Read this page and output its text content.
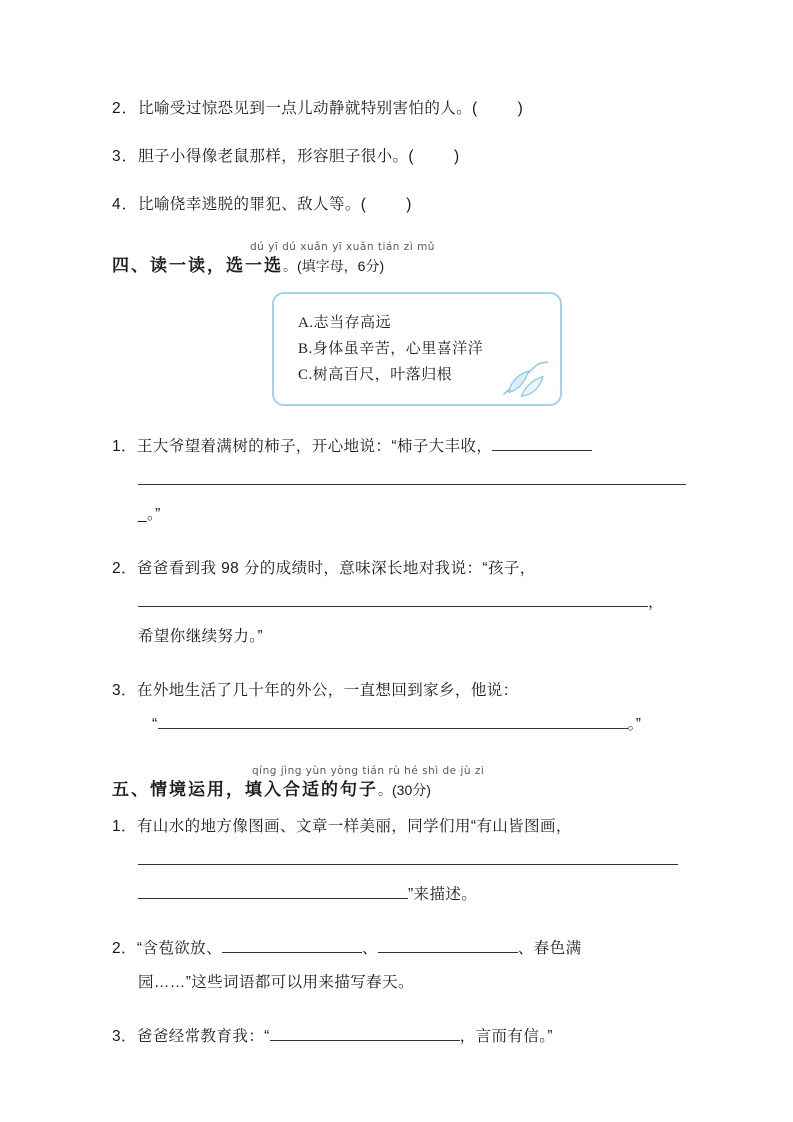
2．比喻受过惊恐见到一点儿动静就特别害怕的人。(	)

3．胆子小得像老鼠那样，形容胆子很小。(	)

4．比喻侥幸逃脱的罪犯、敌人等。(	)

dú yī dú xuǎn yī xuǎn tián zì mǔ
四、读一读，选一选。(填字母，6分)
A.志当存高远
B.身体虽辛苦，心里喜洋洋
C.树高百尺，叶落归根

1．王大爷望着满树的柿子，开心地说：“柿子大丰收，

_。”

2．爸爸看到我 98 分的成绩时，意味深长地对我说：“孩子，

，

希望你继续努力。”

3．在外地生活了几十年的外公，一直想回到家乡，他说：

“	。”

qíng jìng yùn yòng tián rù hé shì de jù zi
五、情境运用，填入合适的句子。(30分)

1．有山水的地方像图画、文章一样美丽，同学们用“有山皆图画，

”来描述。

2．“含苞欲放、	、	、春色满

园……”这些词语都可以用来描写春天。

3．爸爸经常教育我：“	，言而有信。”
